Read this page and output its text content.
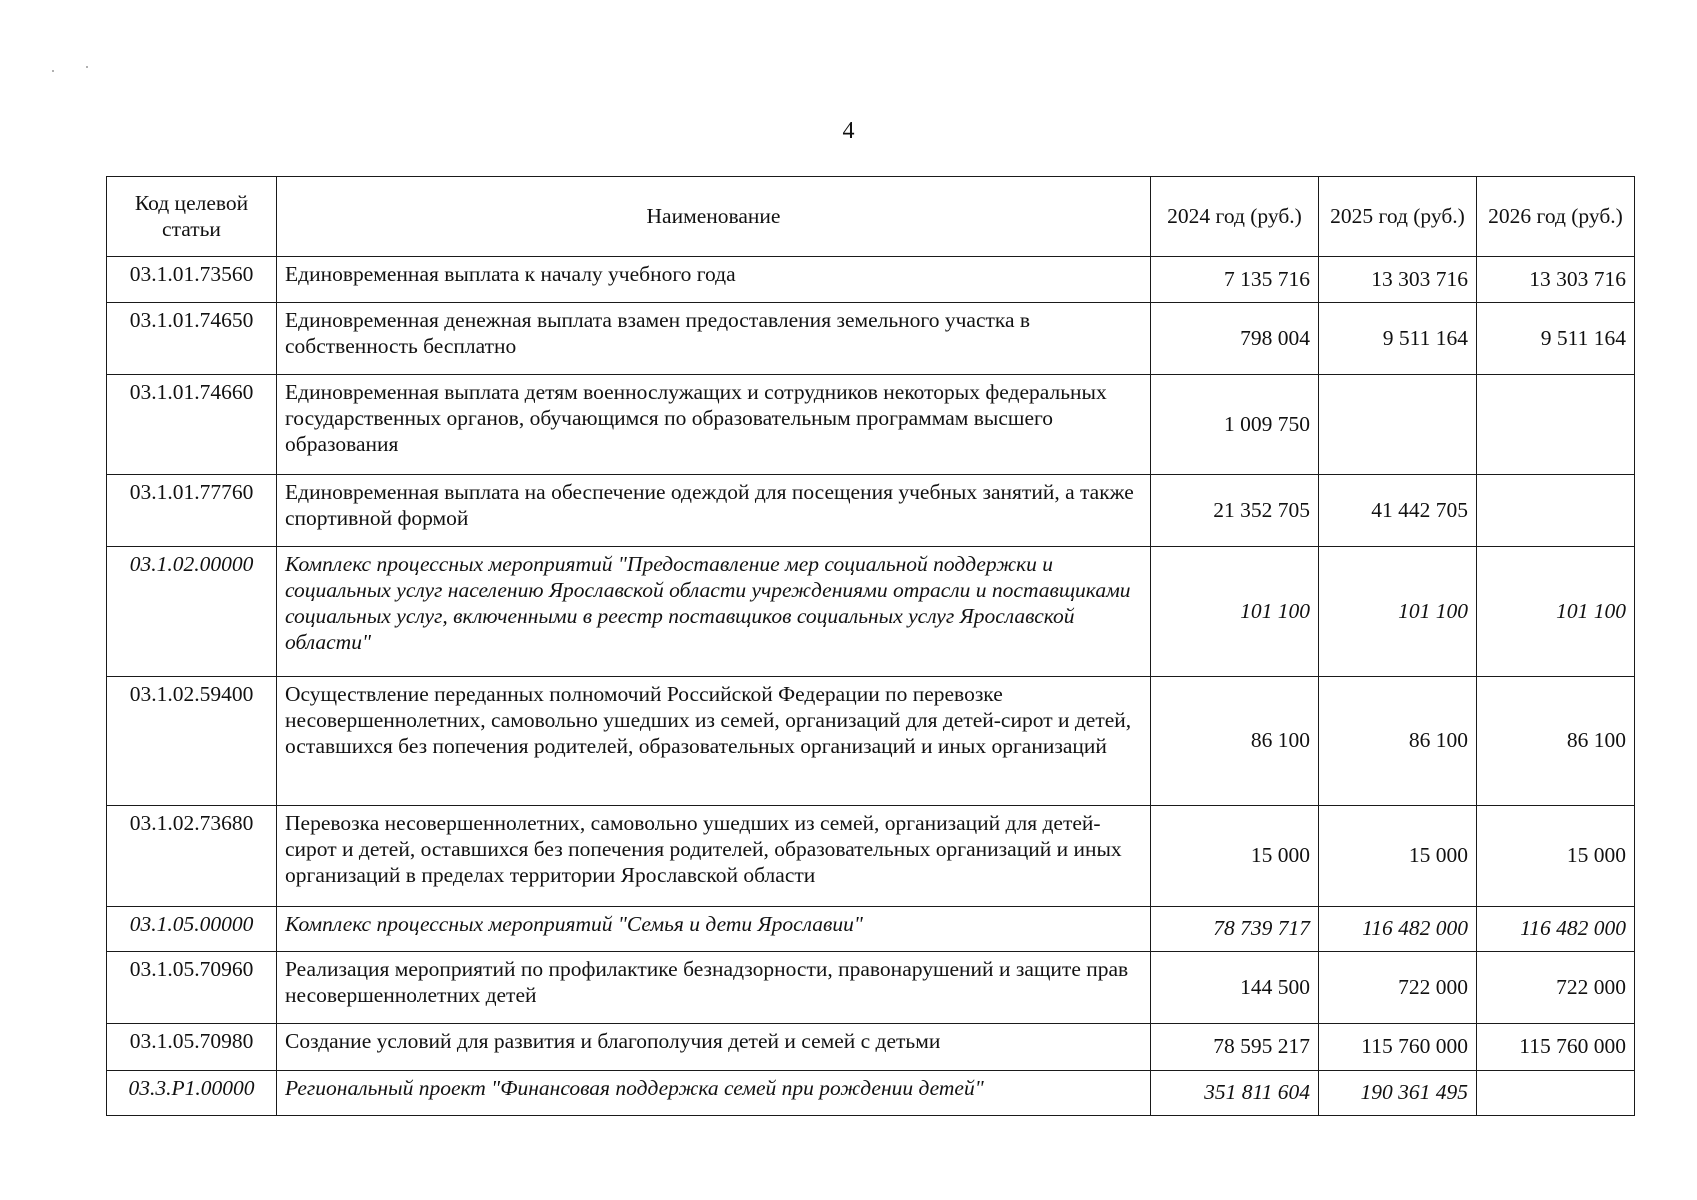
4
Код целевой статьи	Наименование	2024 год (руб.)	2025 год (руб.)	2026 год (руб.)
03.1.01.73560	Единовременная выплата к началу учебного года	7 135 716	13 303 716	13 303 716
03.1.01.74650	Единовременная денежная выплата взамен предоставления земельного участка в собственность бесплатно	798 004	9 511 164	9 511 164
03.1.01.74660	Единовременная выплата детям военнослужащих и сотрудников некоторых федеральных государственных органов, обучающимся по образовательным программам высшего образования	1 009 750		
03.1.01.77760	Единовременная выплата на обеспечение одеждой для посещения учебных занятий, а также спортивной формой	21 352 705	41 442 705	
03.1.02.00000	Комплекс процессных мероприятий "Предоставление мер социальной поддержки и социальных услуг населению Ярославской области учреждениями отрасли и поставщиками социальных услуг, включенными в реестр поставщиков социальных услуг Ярославской области"	101 100	101 100	101 100
03.1.02.59400	Осуществление переданных полномочий Российской Федерации по перевозке несовершеннолетних, самовольно ушедших из семей, организаций для детей-сирот и детей, оставшихся без попечения родителей, образовательных организаций и иных организаций	86 100	86 100	86 100
03.1.02.73680	Перевозка несовершеннолетних, самовольно ушедших из семей, организаций для детей-сирот и детей, оставшихся без попечения родителей, образовательных организаций и иных организаций в пределах территории Ярославской области	15 000	15 000	15 000
03.1.05.00000	Комплекс процессных мероприятий "Семья и дети Ярославии"	78 739 717	116 482 000	116 482 000
03.1.05.70960	Реализация мероприятий по профилактике безнадзорности, правонарушений и защите прав несовершеннолетних детей	144 500	722 000	722 000
03.1.05.70980	Создание условий для развития и благополучия детей и семей с детьми	78 595 217	115 760 000	115 760 000
03.3.P1.00000	Региональный проект "Финансовая поддержка семей при рождении детей"	351 811 604	190 361 495	
